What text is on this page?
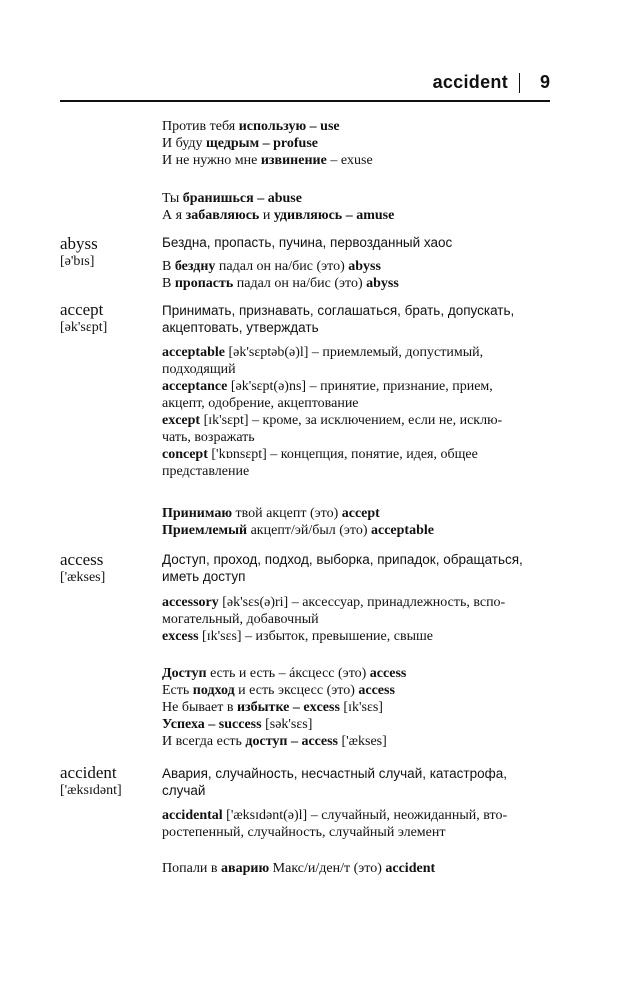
accident 9
Против тебя использую – use
И буду щедрым – profuse
И не нужно мне извинение – exuse
Ты бранишься – abuse
А я забавляюсь и удивляюсь – amuse
abyss
[ə'bɪs]
Бездна, пропасть, пучина, первозданный хаос
В бездну падал он на/бис (это) abyss
В пропасть падал он на/бис (это) abyss
accept
[ək'sɛpt]
Принимать, признавать, соглашаться, брать, допускать,
акцептовать, утверждать
acceptable [ək'sɛptəb(ə)l] – приемлемый, допустимый,
подходящий
acceptance [ək'sɛpt(ə)ns] – принятие, признание, прием,
акцепт, одобрение, акцептование
except [ɪk'sɛpt] – кроме, за исключением, если не, исклю-
чать, возражать
concept ['kɒnsɛpt] – концепция, понятие, идея, общее
представление
Принимаю твой акцепт (это) accept
Приемлемый акцепт/эй/был (это) acceptable
access
['ækses]
Доступ, проход, подход, выборка, припадок, обращаться,
иметь доступ
accessory [ək'sɛs(ə)ri] – аксессуар, принадлежность, вспо-
могательный, добавочный
excess [ɪk'sɛs] – избыток, превышение, свыше
Доступ есть и есть – áксцесс (это) access
Есть подход и есть эксцесс (это) access
Не бывает в избытке – excess [ɪk'sɛs]
Успеха – success [sək'sɛs]
И всегда есть доступ – access ['ækses]
accident
['æksɪdənt]
Авария, случайность, несчастный случай, катастрофа,
случай
accidental ['æksɪdənt(ə)l] – случайный, неожиданный, вто-
ростепенный, случайность, случайный элемент
Попали в аварию Макс/и/ден/т (это) accident
